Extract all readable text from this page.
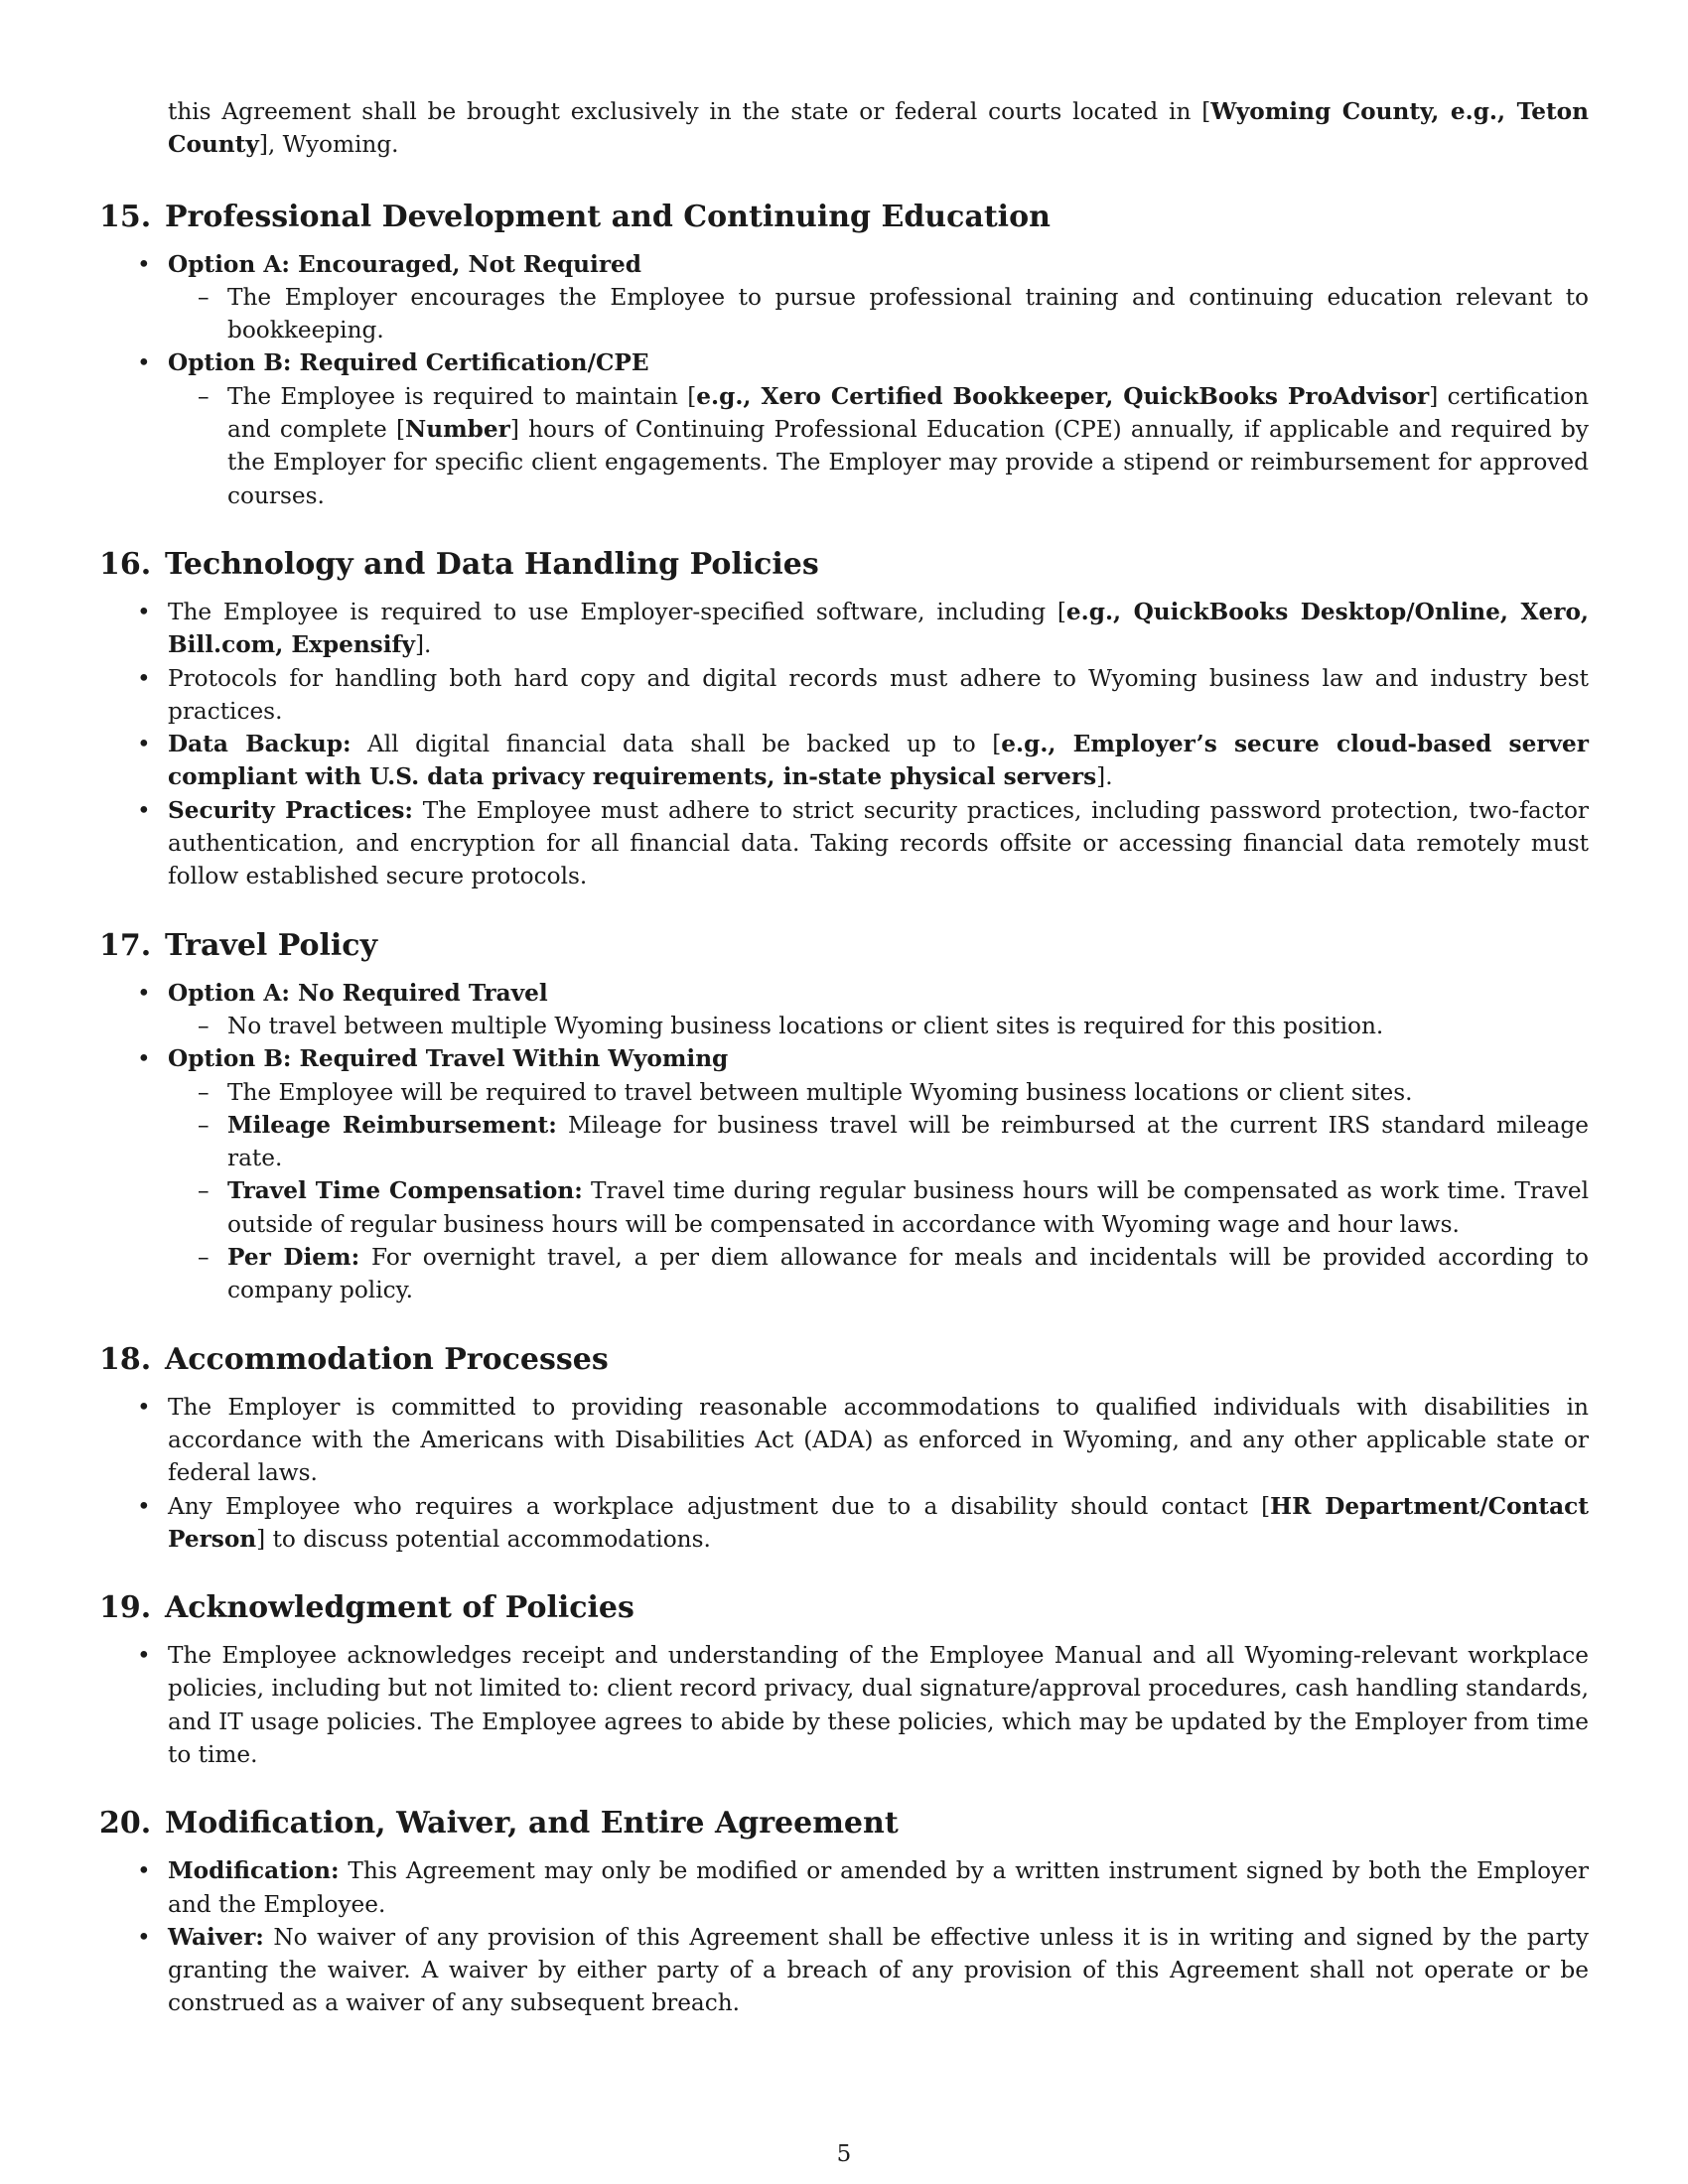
this Agreement shall be brought exclusively in the state or federal courts located in [Wyoming County, e.g., Teton County], Wyoming.

15. Professional Development and Continuing Education
• Option A: Encouraged, Not Required
– The Employer encourages the Employee to pursue professional training and continuing education relevant to bookkeeping.
• Option B: Required Certification/CPE
– The Employee is required to maintain [e.g., Xero Certified Bookkeeper, QuickBooks ProAdvisor] certification and complete [Number] hours of Continuing Professional Education (CPE) annually, if applicable and required by the Employer for specific client engagements. The Employer may provide a stipend or reimbursement for approved courses.
16. Technology and Data Handling Policies
• The Employee is required to use Employer-specified software, including [e.g., QuickBooks Desktop/Online, Xero, Bill.com, Expensify].
• Protocols for handling both hard copy and digital records must adhere to Wyoming business law and industry best practices.
• Data Backup: All digital financial data shall be backed up to [e.g., Employer’s secure cloud-based server compliant with U.S. data privacy requirements, in-state physical servers].
• Security Practices: The Employee must adhere to strict security practices, including password protection, two-factor authentication, and encryption for all financial data. Taking records offsite or accessing financial data remotely must follow established secure protocols.
17. Travel Policy
• Option A: No Required Travel
– No travel between multiple Wyoming business locations or client sites is required for this position.
• Option B: Required Travel Within Wyoming
– The Employee will be required to travel between multiple Wyoming business locations or client sites.
– Mileage Reimbursement: Mileage for business travel will be reimbursed at the current IRS standard mileage rate.
– Travel Time Compensation: Travel time during regular business hours will be compensated as work time. Travel outside of regular business hours will be compensated in accordance with Wyoming wage and hour laws.
– Per Diem: For overnight travel, a per diem allowance for meals and incidentals will be provided according to company policy.
18. Accommodation Processes
• The Employer is committed to providing reasonable accommodations to qualified individuals with disabilities in accordance with the Americans with Disabilities Act (ADA) as enforced in Wyoming, and any other applicable state or federal laws.
• Any Employee who requires a workplace adjustment due to a disability should contact [HR Department/Contact Person] to discuss potential accommodations.
19. Acknowledgment of Policies
• The Employee acknowledges receipt and understanding of the Employee Manual and all Wyoming-relevant workplace policies, including but not limited to: client record privacy, dual signature/approval procedures, cash handling standards, and IT usage policies. The Employee agrees to abide by these policies, which may be updated by the Employer from time to time.
20. Modification, Waiver, and Entire Agreement
• Modification: This Agreement may only be modified or amended by a written instrument signed by both the Employer and the Employee.
• Waiver: No waiver of any provision of this Agreement shall be effective unless it is in writing and signed by the party granting the waiver. A waiver by either party of a breach of any provision of this Agreement shall not operate or be construed as a waiver of any subsequent breach.
5
